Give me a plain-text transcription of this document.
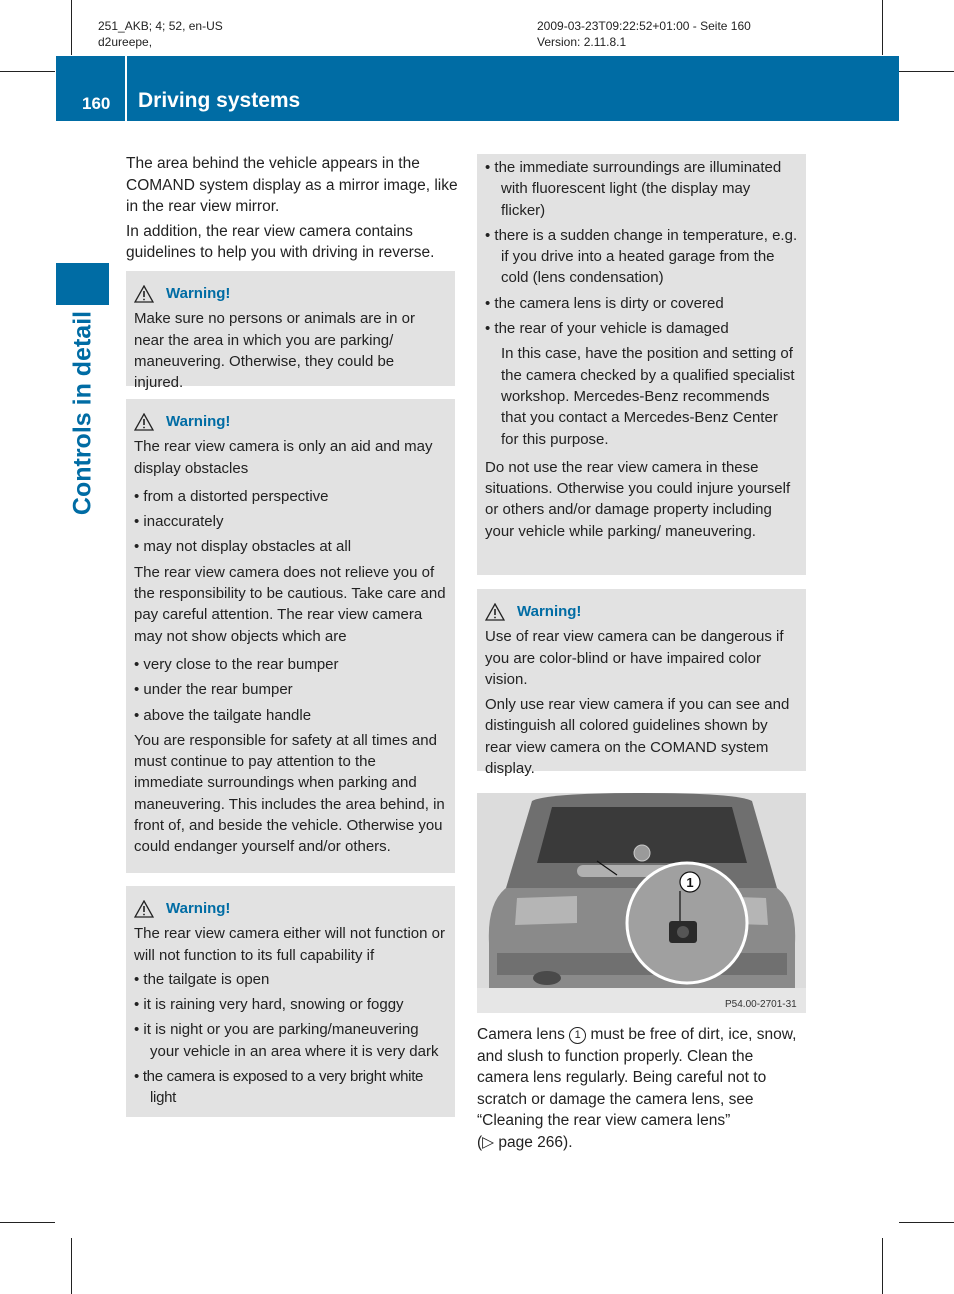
251_AKB; 4; 52, en-US
d2ureepe,
2009-03-23T09:22:52+01:00 - Seite 160
Version: 2.11.8.1
160 Driving systems
Controls in detail

The area behind the vehicle appears in the COMAND system display as a mirror image, like in the rear view mirror.

In addition, the rear view camera contains guidelines to help you with driving in reverse.

Warning!

Make sure no persons or animals are in or near the area in which you are parking/ maneuvering. Otherwise, they could be injured.

Warning!

The rear view camera is only an aid and may display obstacles

• from a distorted perspective

• inaccurately

• may not display obstacles at all

The rear view camera does not relieve you of the responsibility to be cautious. Take care and pay careful attention. The rear view camera may not show objects which are

• very close to the rear bumper

• under the rear bumper

• above the tailgate handle

You are responsible for safety at all times and must continue to pay attention to the immediate surroundings when parking and maneuvering. This includes the area behind, in front of, and beside the vehicle. Otherwise you could endanger yourself and/or others.

Warning!

The rear view camera either will not function or will not function to its full capability if

• the tailgate is open

• it is raining very hard, snowing or foggy

• it is night or you are parking/maneuvering your vehicle in an area where it is very dark

• the camera is exposed to a very bright white light

• the immediate surroundings are illuminated with fluorescent light (the display may flicker)

• there is a sudden change in temperature, e.g. if you drive into a heated garage from the cold (lens condensation)

• the camera lens is dirty or covered

• the rear of your vehicle is damaged

In this case, have the position and setting of the camera checked by a qualified specialist workshop. Mercedes-Benz recommends that you contact a Mercedes-Benz Center for this purpose.

Do not use the rear view camera in these situations. Otherwise you could injure yourself or others and/or damage property including your vehicle while parking/ maneuvering.

Warning!

Use of rear view camera can be dangerous if you are color-blind or have impaired color vision.

Only use rear view camera if you can see and distinguish all colored guidelines shown by rear view camera on the COMAND system display.

1
P54.00-2701-31
Camera lens 1 must be free of dirt, ice, snow, and slush to function properly. Clean the camera lens regularly. Being careful not to scratch or damage the camera lens, see “Cleaning the rear view camera lens”
(▷ page 266).
